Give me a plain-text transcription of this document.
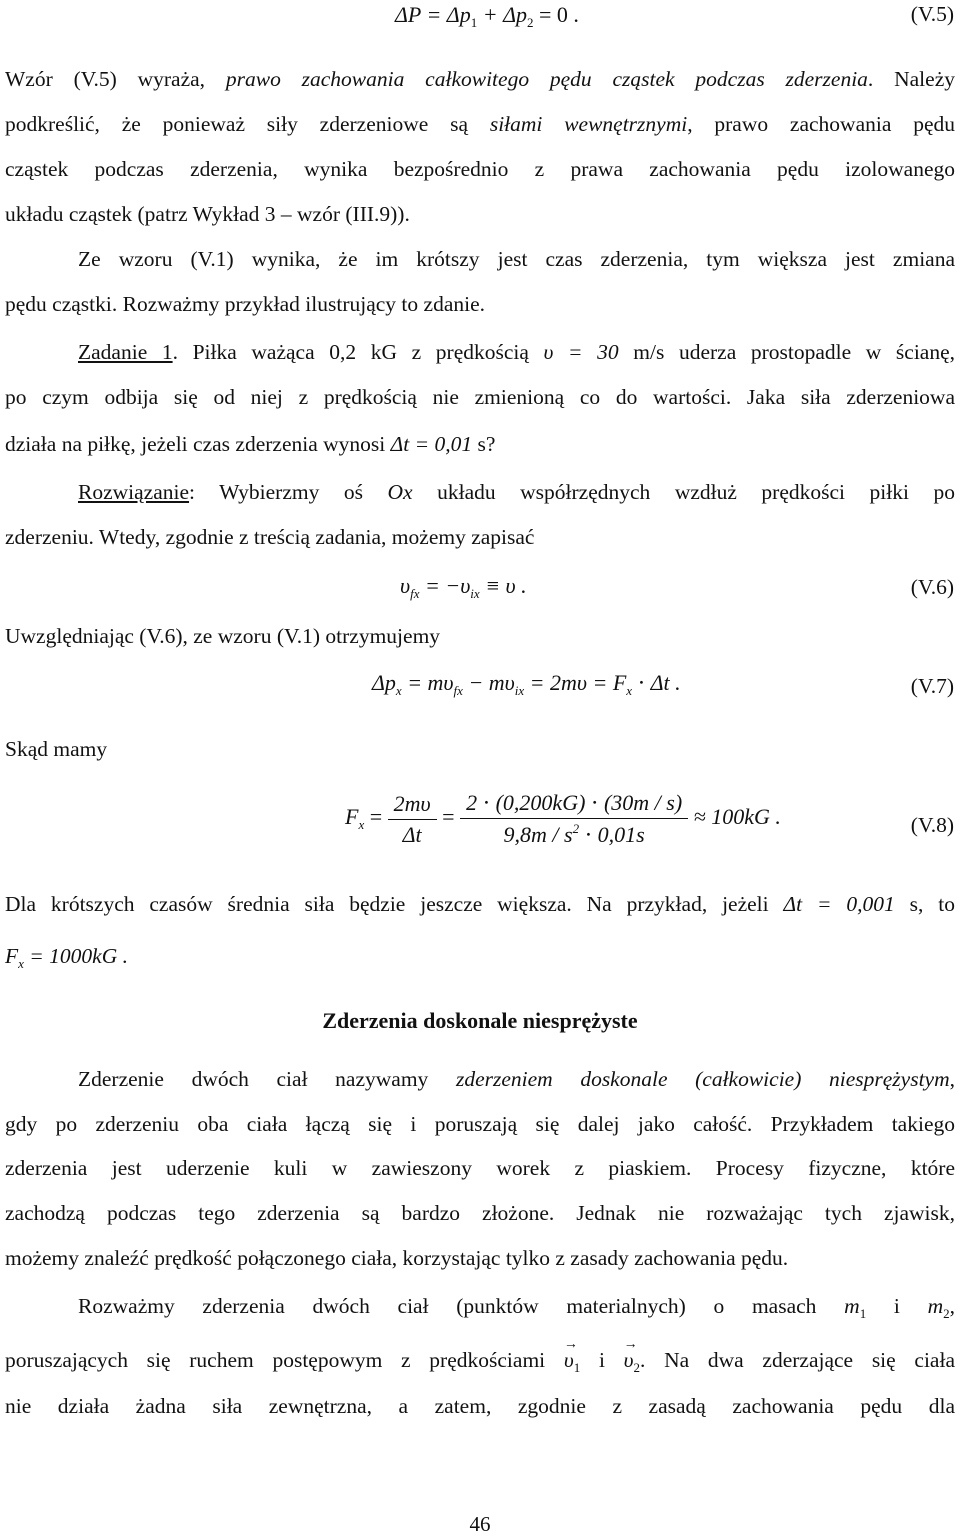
$\Delta P = \Delta p_1 + \Delta p_2 = 0$ .	(V.5)
Wzór (V.5) wyraża, prawo zachowania całkowitego pędu cząstek podczas zderzenia. Należy
podkreślić, że ponieważ siły zderzeniowe są siłami wewnętrznymi, prawo zachowania pędu
cząstek podczas zderzenia, wynika bezpośrednio z prawa zachowania pędu izolowanego
układu cząstek (patrz Wykład 3 – wzór (III.9)).
Ze wzoru (V.1) wynika, że im krótszy jest czas zderzenia, tym większa jest zmiana
pędu cząstki. Rozważmy przykład ilustrujący to zdanie.
Zadanie 1. Piłka ważąca 0,2 kG z prędkością υ = 30 m/s uderza prostopadle w ścianę,
po czym odbija się od niej z prędkością nie zmienioną co do wartości. Jaka siła zderzeniowa
działa na piłkę, jeżeli czas zderzenia wynosi Δt = 0,01 s?
Rozwiązanie: Wybierzmy oś Ox układu współrzędnych wzdłuż prędkości piłki po
zderzeniu. Wtedy, zgodnie z treścią zadania, możemy zapisać
$\upsilon_{fx} = -\upsilon_{ix} \equiv \upsilon$ .	(V.6)
Uwzględniając (V.6), ze wzoru (V.1) otrzymujemy
$\Delta p_x = m\upsilon_{fx} - m\upsilon_{ix} = 2m\upsilon = F_x \cdot \Delta t$ .	(V.7)
Skąd mamy
$F_x = \frac{2m\upsilon}{\Delta t} = \frac{2 \cdot (0,200kG) \cdot (30m / s)}{9,8m / s^2 \cdot 0,01s} \approx 100kG$ .	(V.8)
Dla krótszych czasów średnia siła będzie jeszcze większa. Na przykład, jeżeli Δt = 0,001 s, to
$F_x = 1000kG$ .
Zderzenia doskonale niesprężyste
Zderzenie dwóch ciał nazywamy zderzeniem doskonale (całkowicie) niesprężystym,
gdy po zderzeniu oba ciała łączą się i poruszają się dalej jako całość. Przykładem takiego
zderzenia jest uderzenie kuli w zawieszony worek z piaskiem. Procesy fizyczne, które
zachodzą podczas tego zderzenia są bardzo złożone. Jednak nie rozważając tych zjawisk,
możemy znaleźć prędkość połączonego ciała, korzystając tylko z zasady zachowania pędu.
Rozważmy zderzenia dwóch ciał (punktów materialnych) o masach $m_1$ i $m_2$,
poruszających się ruchem postępowym z prędkościami → $\upsilon_1$ $i \to \upsilon_2$. Na dwa zderzające się ciała
nie działa żadna siła zewnętrzna, a zatem, zgodnie z zasadą zachowania pędu dla
46
